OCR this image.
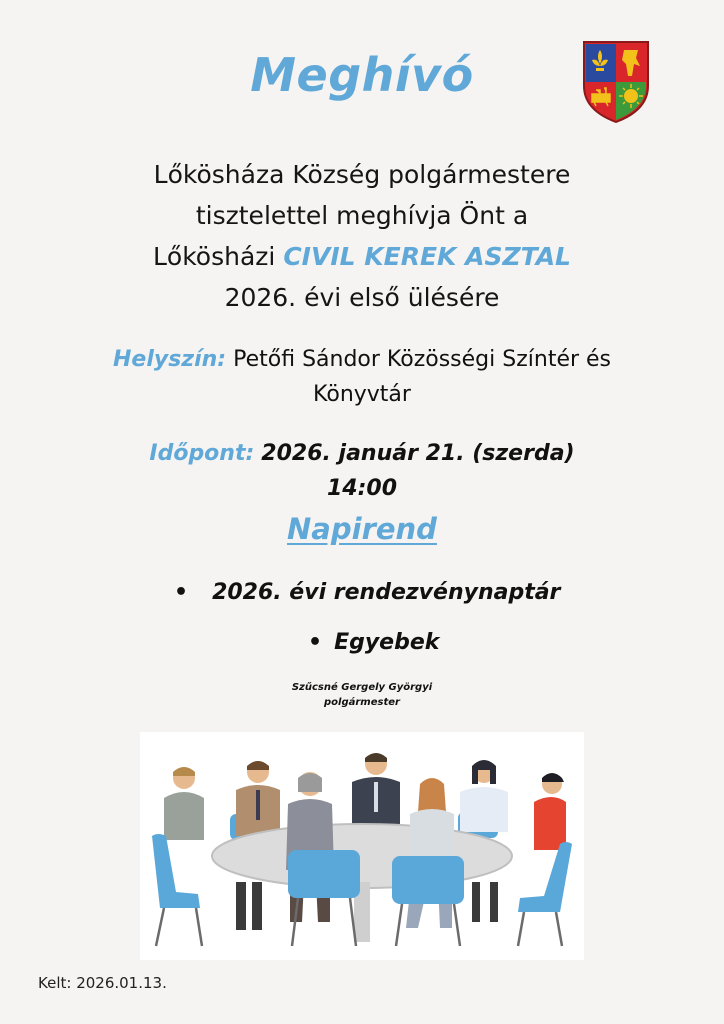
Meghívó
Lőkösháza Község polgármestere
tisztelettel meghívja Önt a
Lőkösházi CIVIL KEREK ASZTAL
2026. évi első ülésére
Helyszín: Petőfi Sándor Közösségi Színtér és
Könyvtár
Időpont: 2026. január 21. (szerda)
14:00
Napirend
• 2026. évi rendezvénynaptár
• Egyebek
Szűcsné Gergely Györgyi
polgármester
Kelt: 2026.01.13.
